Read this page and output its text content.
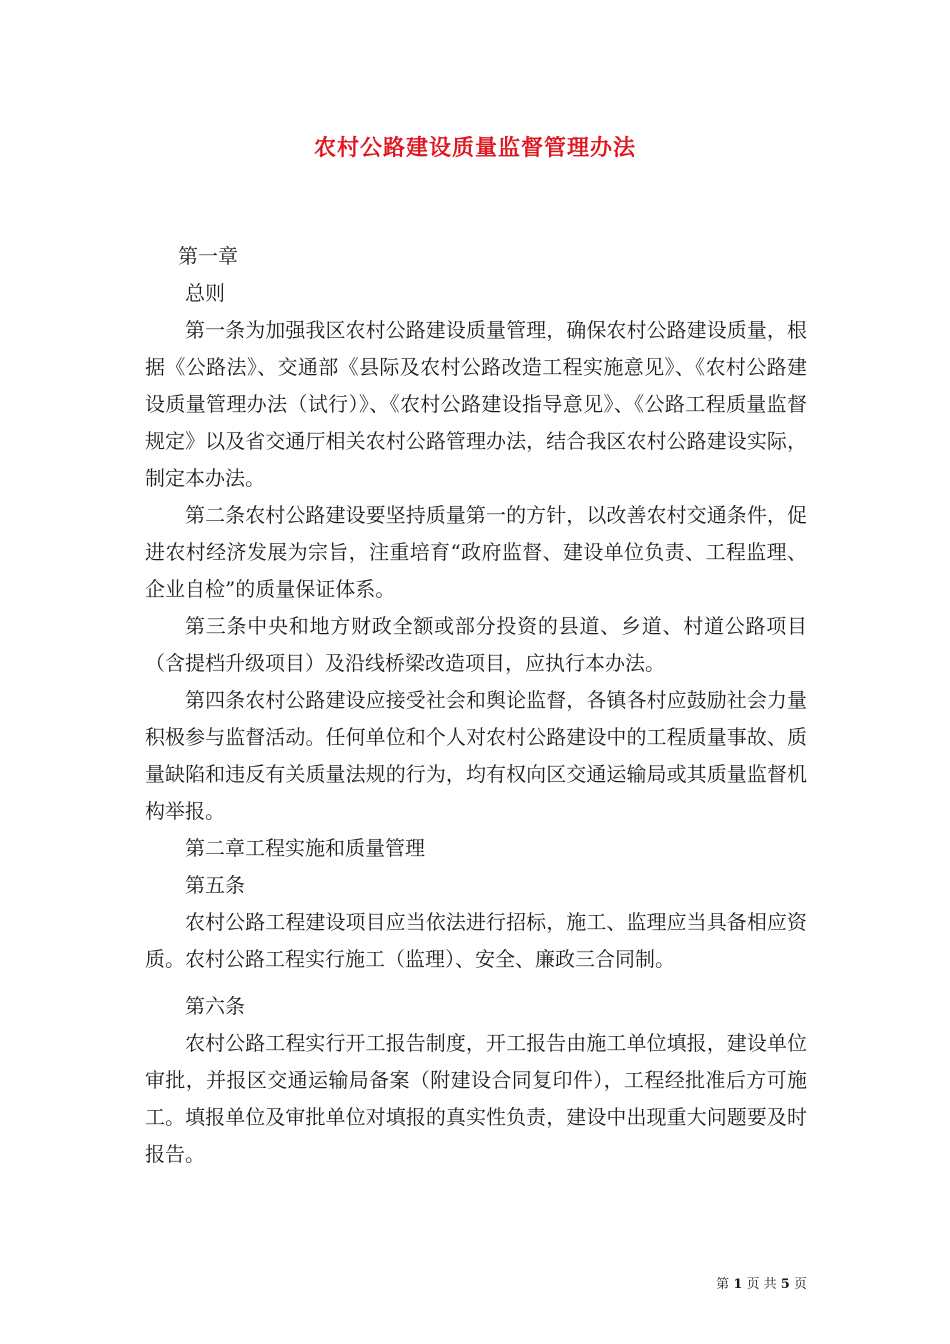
农村公路建设质量监督管理办法

第一章

总则

第一条为加强我区农村公路建设质量管理，确保农村公路建设质量，根据《公路法》、交通部《县际及农村公路改造工程实施意见》、《农村公路建设质量管理办法（试行）》、《农村公路建设指导意见》、《公路工程质量监督规定》以及省交通厅相关农村公路管理办法，结合我区农村公路建设实际，制定本办法。

第二条农村公路建设要坚持质量第一的方针，以改善农村交通条件，促进农村经济发展为宗旨，注重培育“政府监督、建设单位负责、工程监理、企业自检”的质量保证体系。

第三条中央和地方财政全额或部分投资的县道、乡道、村道公路项目（含提档升级项目）及沿线桥梁改造项目，应执行本办法。

第四条农村公路建设应接受社会和舆论监督，各镇各村应鼓励社会力量积极参与监督活动。任何单位和个人对农村公路建设中的工程质量事故、质量缺陷和违反有关质量法规的行为，均有权向区交通运输局或其质量监督机构举报。

第二章工程实施和质量管理

第五条

农村公路工程建设项目应当依法进行招标，施工、监理应当具备相应资质。农村公路工程实行施工（监理）、安全、廉政三合同制。

第六条

农村公路工程实行开工报告制度，开工报告由施工单位填报，建设单位审批，并报区交通运输局备案（附建设合同复印件），工程经批准后方可施工。填报单位及审批单位对填报的真实性负责，建设中出现重大问题要及时报告。

第 1 页 共 5 页
